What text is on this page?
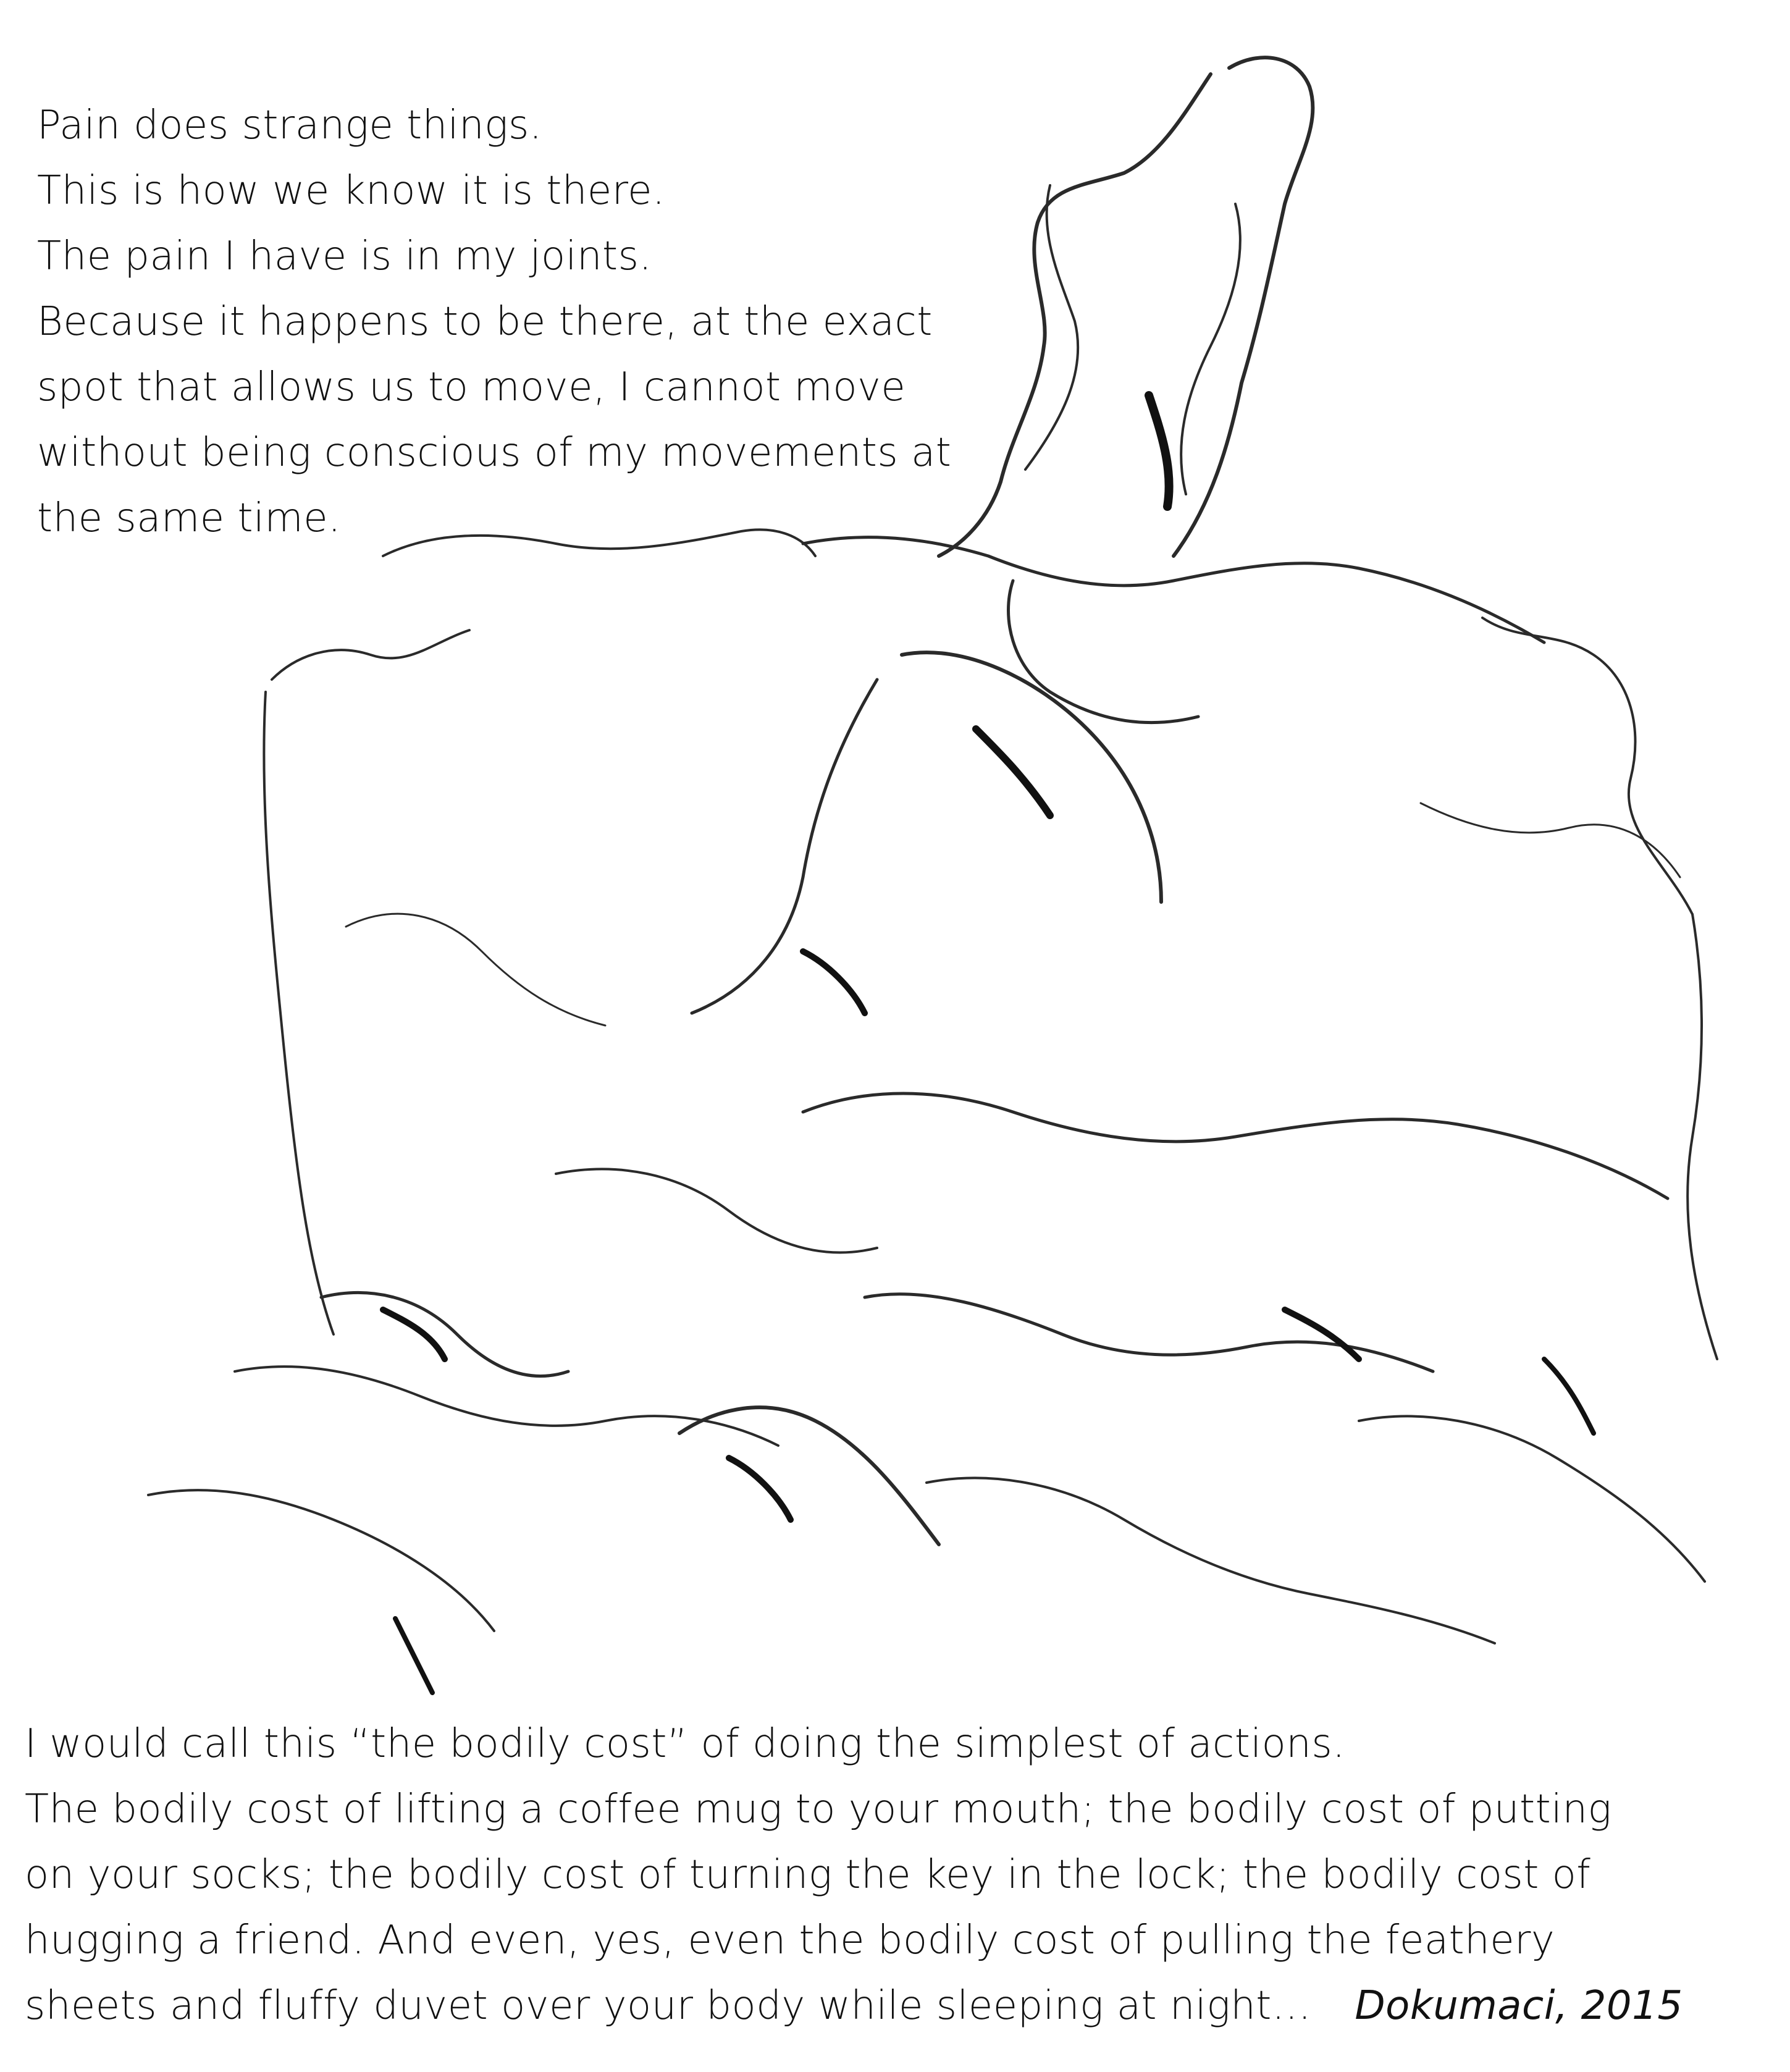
Pain does strange things.
This is how we know it is there.
The pain I have is in my joints.
Because it happens to be there, at the exact
spot that allows us to move, I cannot move
without being conscious of my movements at
the same time.
I would call this “the bodily cost” of doing the simplest of actions.
The bodily cost of lifting a coffee mug to your mouth; the bodily cost of putting
on your socks; the bodily cost of turning the key in the lock; the bodily cost of
hugging a friend. And even, yes, even the bodily cost of pulling the feathery
sheets and fluffy duvet over your body while sleeping at night… Dokumaci, 2015
